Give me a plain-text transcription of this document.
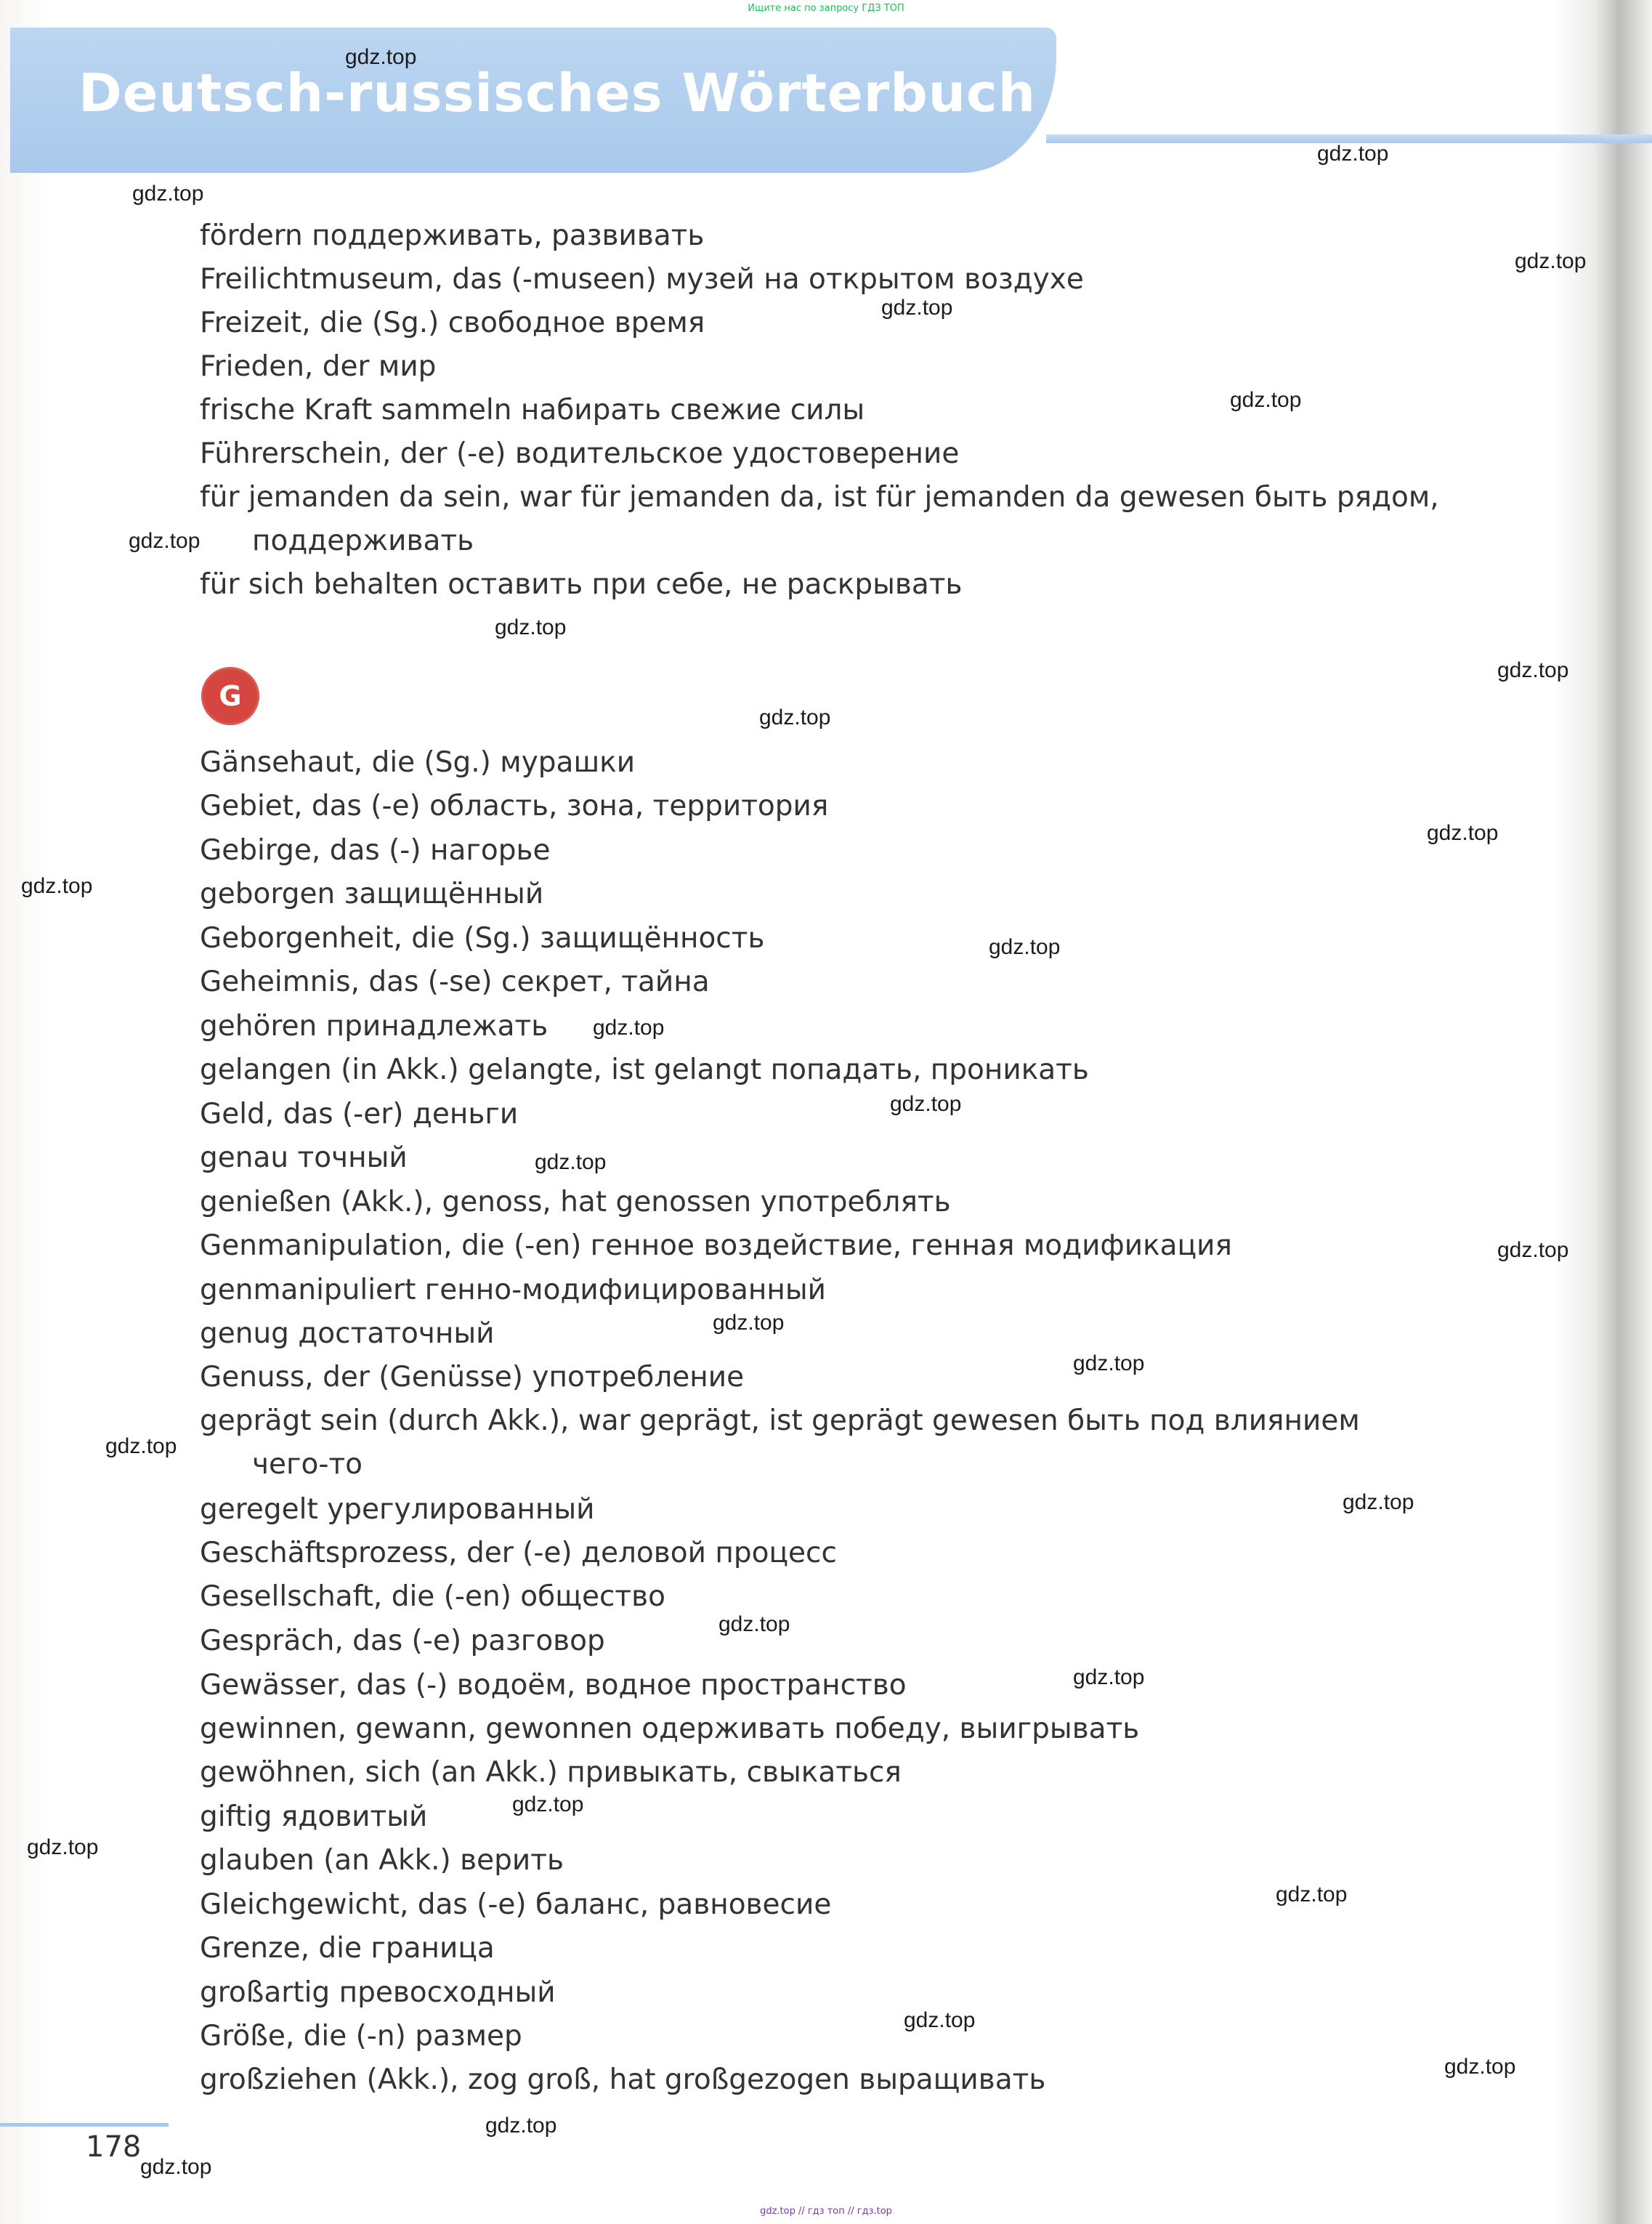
Ищите нас по запросу ГДЗ ТОП
Deutsch-russisches Wörterbuch
fördern поддерживать, развивать
Freilichtmuseum, das (-museen) музей на открытом воздухе
Freizeit, die (Sg.) свободное время
Frieden, der мир
frische Kraft sammeln набирать свежие силы
Führerschein, der (-e) водительское удостоверение
für jemanden da sein, war für jemanden da, ist für jemanden da gewesen быть рядом,
поддерживать
für sich behalten оставить при себе, не раскрывать
G
Gänsehaut, die (Sg.) мурашки
Gebiet, das (-e) область, зона, территория
Gebirge, das (-) нагорье
geborgen защищённый
Geborgenheit, die (Sg.) защищённость
Geheimnis, das (-se) секрет, тайна
gehören принадлежать
gelangen (in Akk.) gelangte, ist gelangt попадать, проникать
Geld, das (-er) деньги
genau точный
genießen (Akk.), genoss, hat genossen употреблять
Genmanipulation, die (-en) генное воздействие, генная модификация
genmanipuliert генно-модифицированный
genug достаточный
Genuss, der (Genüsse) употребление
geprägt sein (durch Akk.), war geprägt, ist geprägt gewesen быть под влиянием
чего-то
geregelt урегулированный
Geschäftsprozess, der (-e) деловой процесс
Gesellschaft, die (-en) общество
Gespräch, das (-e) разговор
Gewässer, das (-) водоём, водное пространство
gewinnen, gewann, gewonnen одерживать победу, выигрывать
gewöhnen, sich (an Akk.) привыкать, свыкаться
giftig ядовитый
glauben (an Akk.) верить
Gleichgewicht, das (-e) баланс, равновесие
Grenze, die граница
großartig превосходный
Größe, die (-n) размер
großziehen (Akk.), zog groß, hat großgezogen выращивать
178
gdz.top
gdz.top
gdz.top
gdz.top
gdz.top
gdz.top
gdz.top
gdz.top
gdz.top
gdz.top
gdz.top
gdz.top
gdz.top
gdz.top
gdz.top
gdz.top
gdz.top
gdz.top
gdz.top
gdz.top
gdz.top
gdz.top
gdz.top
gdz.top
gdz.top
gdz.top
gdz.top
gdz.top
gdz.top
gdz.top
gdz.top // гдз топ // гдз.top
